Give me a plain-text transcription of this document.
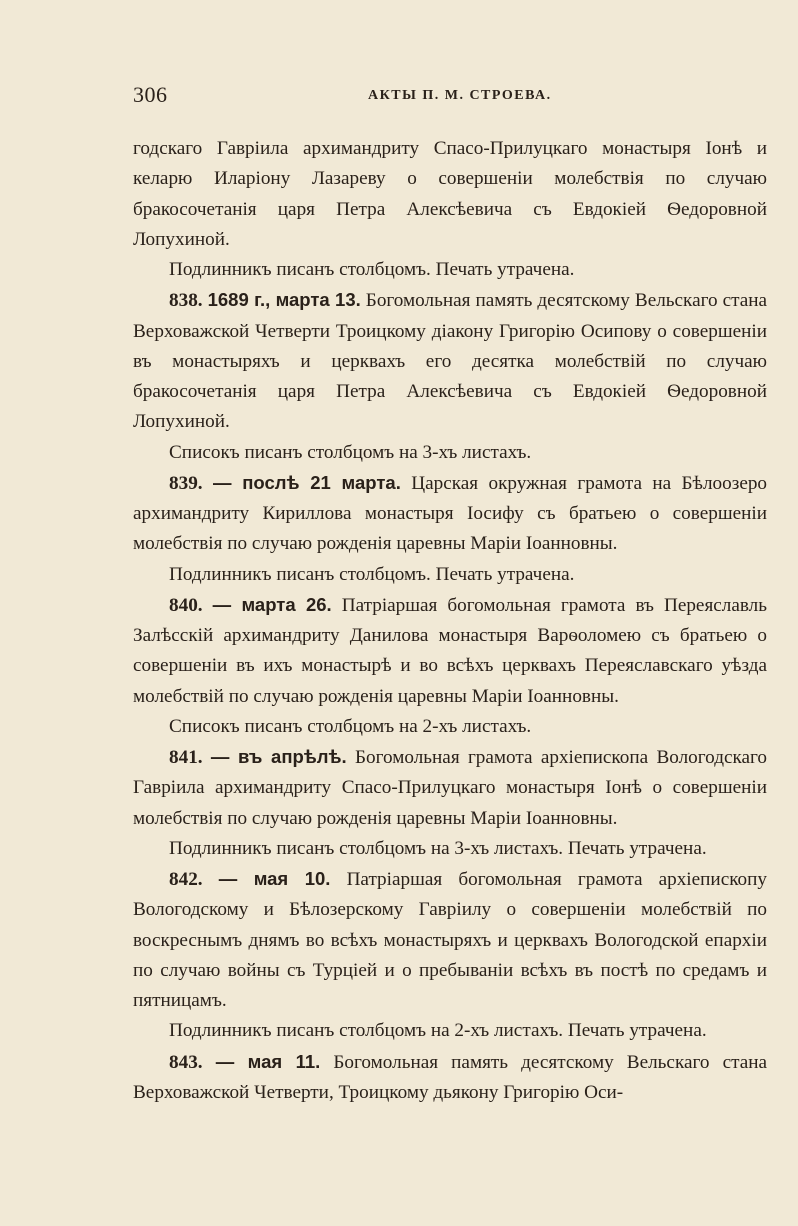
306	АКТЫ П. М. СТРОЕВА.

годскаго Гавріила архимандриту Спасо-Прилуцкаго монастыря Іонѣ и келарю Иларіону Лазареву о совершеніи молебствія по случаю бракосочетанія царя Петра Алексѣевича съ Евдокіей Ѳедоровной Лопухиной.

Подлинникъ писанъ столбцомъ. Печать утрачена.

838. 1689 г., марта 13. Богомольная память десятскому Вельскаго стана Верховажской Четверти Троицкому діакону Григорію Осипову о совершеніи въ монастыряхъ и церквахъ его десятка молебствій по случаю бракосочетанія царя Петра Алексѣевича съ Евдокіей Ѳедоровной Лопухиной.

Списокъ писанъ столбцомъ на 3-хъ листахъ.

839. — послѣ 21 марта. Царская окружная грамота на Бѣлоозеро архимандриту Кириллова монастыря Іосифу съ братьею о совершеніи молебствія по случаю рожденія царевны Маріи Іоанновны.

Подлинникъ писанъ столбцомъ. Печать утрачена.

840. — марта 26. Патріаршая богомольная грамота въ Переяславль Залѣсскій архимандриту Данилова монастыря Варѳоломею съ братьею о совершеніи въ ихъ монастырѣ и во всѣхъ церквахъ Переяславскаго уѣзда молебствій по случаю рожденія царевны Маріи Іоанновны.

Списокъ писанъ столбцомъ на 2-хъ листахъ.

841. — въ апрѣлѣ. Богомольная грамота архіепископа Вологодскаго Гавріила архимандриту Спасо-Прилуцкаго монастыря Іонѣ о совершеніи молебствія по случаю рожденія царевны Маріи Іоанновны.

Подлинникъ писанъ столбцомъ на 3-хъ листахъ. Печать утрачена.

842. — мая 10. Патріаршая богомольная грамота архіепископу Вологодскому и Бѣлозерскому Гавріилу о совершеніи молебствій по воскреснымъ днямъ во всѣхъ монастыряхъ и церквахъ Вологодской епархіи по случаю войны съ Турціей и о пребываніи всѣхъ въ постѣ по средамъ и пятницамъ.

Подлинникъ писанъ столбцомъ на 2-хъ листахъ. Печать утрачена.

843. — мая 11. Богомольная память десятскому Вельскаго стана Верховажской Четверти, Троицкому дьякону Григорію Оси-
